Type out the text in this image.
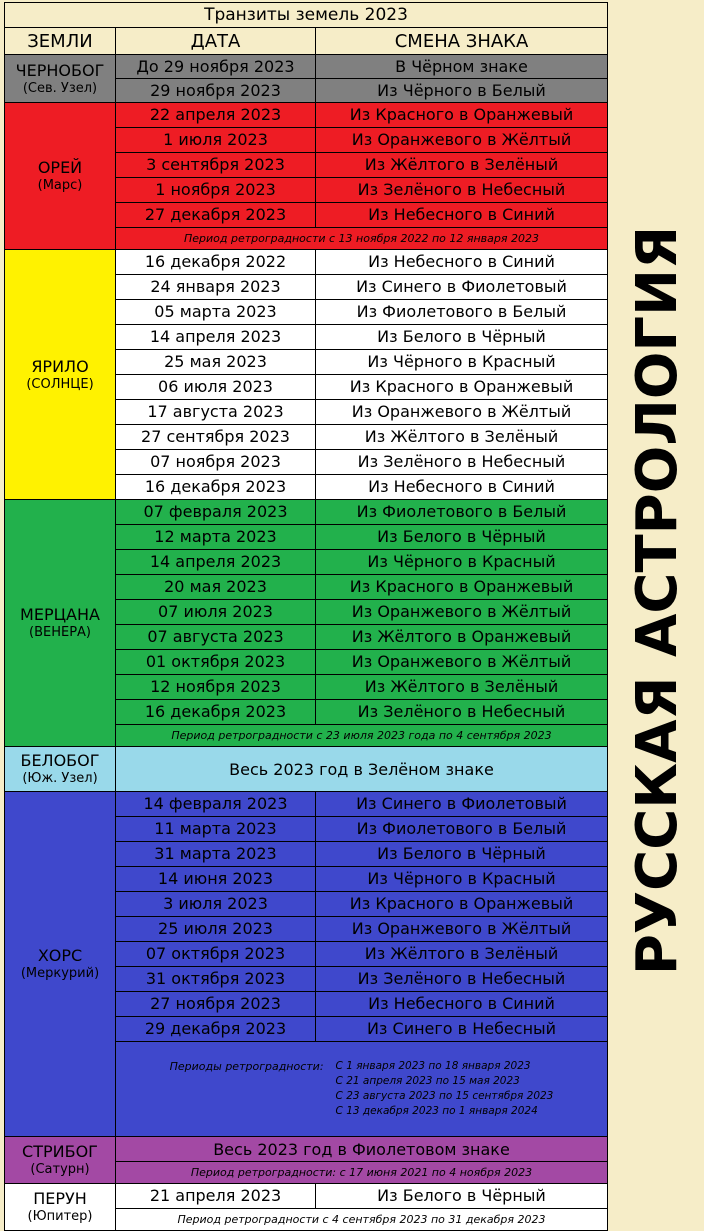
Транзиты земель 2023		
ЗЕМЛИ	ДАТА	СМЕНА ЗНАКА

ЧЕРНОБОГ
(Сев. Узел)	До 29 ноября 2023	В Чёрном знаке
	29 ноября 2023	Из Чёрного в Белый

ОРЕЙ
(Марс)	22 апреля 2023	Из Красного в Оранжевый
	1 июля 2023	Из Оранжевого в Жёлтый
	3 сентября 2023	Из Жёлтого в Зелёный
	1 ноября 2023	Из Зелёного в Небесный
	27 декабря 2023	Из Небесного в Синий
	Период ретроградности с 13 ноября 2022 по 12 января 2023	

ЯРИЛО
(СОЛНЦЕ)	16 декабря 2022	Из Небесного в Синий
	24 января 2023	Из Синего в Фиолетовый
	05 марта 2023	Из Фиолетового в Белый
	14 апреля 2023	Из Белого в Чёрный
	25 мая 2023	Из Чёрного в Красный
	06 июля 2023	Из Красного в Оранжевый
	17 августа 2023	Из Оранжевого в Жёлтый
	27 сентября 2023	Из Жёлтого в Зелёный
	07 ноября 2023	Из Зелёного в Небесный
	16 декабря 2023	Из Небесного в Синий

МЕРЦАНА
(ВЕНЕРА)	07 февраля 2023	Из Фиолетового в Белый
	12 марта 2023	Из Белого в Чёрный
	14 апреля 2023	Из Чёрного в Красный
	20 мая 2023	Из Красного в Оранжевый
	07 июля 2023	Из Оранжевого в Жёлтый
	07 августа 2023	Из Жёлтого в Оранжевый
	01 октября 2023	Из Оранжевого в Жёлтый
	12 ноября 2023	Из Жёлтого в Зелёный
	16 декабря 2023	Из Зелёного в Небесный
	Период ретроградности с 23 июля 2023 года по 4 сентября 2023	

БЕЛОБОГ
(Юж. Узел)	Весь 2023 год в Зелёном знаке	

ХОРС
(Меркурий)	14 февраля 2023	Из Синего в Фиолетовый
	11 марта 2023	Из Фиолетового в Белый
	31 марта 2023	Из Белого в Чёрный
	14 июня 2023	Из Чёрного в Красный
	3 июля 2023	Из Красного в Оранжевый
	25 июля 2023	Из Оранжевого в Жёлтый
	07 октября 2023	Из Жёлтого в Зелёный
	31 октября 2023	Из Зелёного в Небесный
	27 ноября 2023	Из Небесного в Синий
	29 декабря 2023	Из Синего в Небесный
	Периоды ретроградности: С 1 января 2023 по 18 января 2023
С 21 апреля 2023 по 15 мая 2023
С 23 августа 2023 по 15 сентября 2023
С 13 декабря 2023 по 1 января 2024	

СТРИБОГ
(Сатурн)	Весь 2023 год в Фиолетовом знаке	
	Период ретроградности: с 17 июня 2021 по 4 ноября 2023	

ПЕРУН
(Юпитер)	21 апреля 2023	Из Белого в Чёрный
	Период ретроградности с 4 сентября 2023 по 31 декабря 2023	
РУССКАЯ АСТРОЛОГИЯ
